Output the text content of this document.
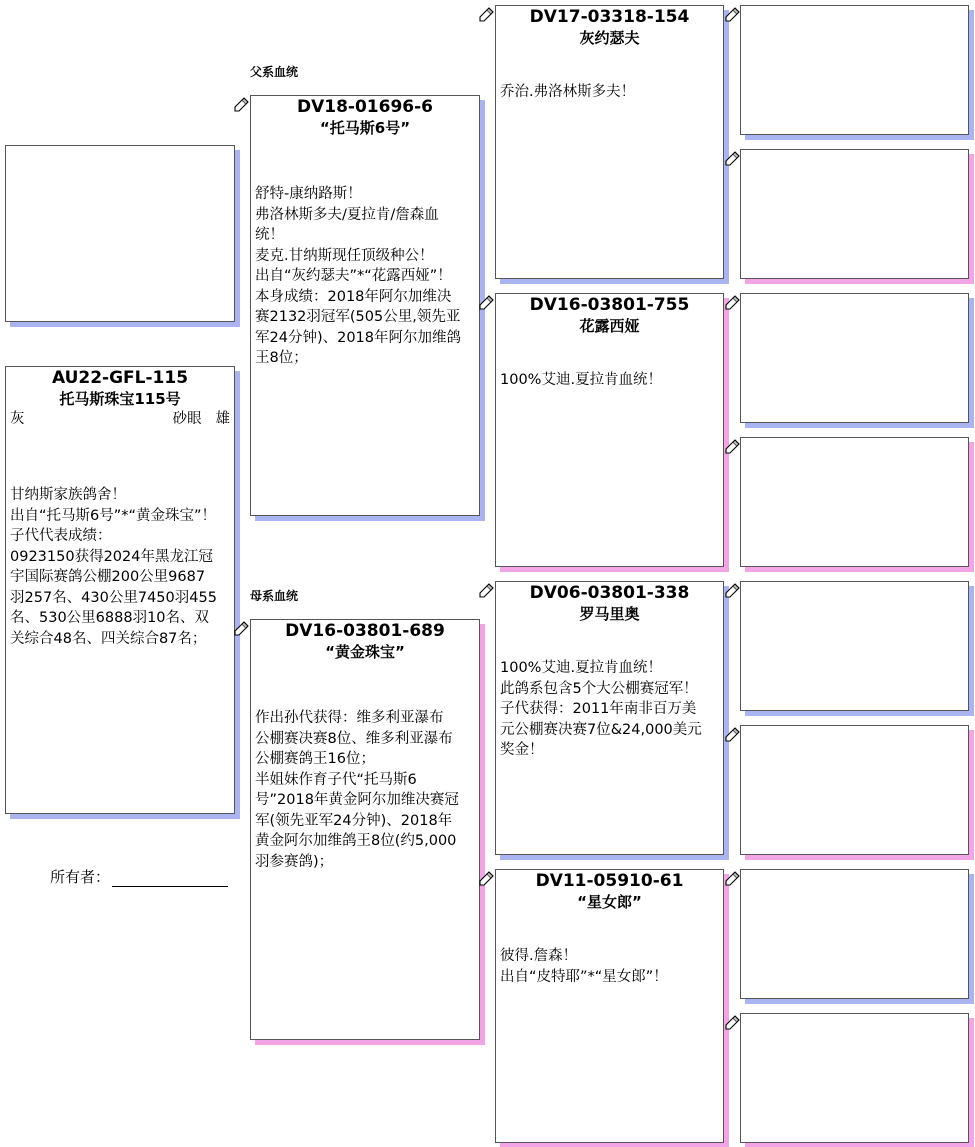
AU22-GFL-115
托马斯珠宝115号
灰	砂眼 雄
甘纳斯家族鸽舍！
出自“托马斯6号”*“黄金珠宝”！
子代代表成绩：
0923150获得2024年黑龙江冠
宇国际赛鸽公棚200公里9687
羽257名、430公里7450羽455
名、530公里6888羽10名、双
关综合48名、四关综合87名；
所有者：
父系血统
母系血统
DV18-01696-6
“托马斯6号”
舒特-康纳路斯！
弗洛林斯多夫/夏拉肯/詹森血
统！
麦克.甘纳斯现任顶级种公！
出自“灰约瑟夫”*“花露西娅”！
本身成绩：2018年阿尔加维决
赛2132羽冠军(505公里,领先亚
军24分钟)、2018年阿尔加维鸽
王8位；
DV16-03801-689
“黄金珠宝”
作出孙代获得：维多利亚瀑布
公棚赛决赛8位、维多利亚瀑布
公棚赛鸽王16位；
半姐妹作育子代“托马斯6
号”2018年黄金阿尔加维决赛冠
军(领先亚军24分钟)、2018年
黄金阿尔加维鸽王8位(约5,000
羽参赛鸽)；
DV17-03318-154
灰约瑟夫
乔治.弗洛林斯多夫！
DV16-03801-755
花露西娅
100%艾迪.夏拉肯血统！
DV06-03801-338
罗马里奥
100%艾迪.夏拉肯血统！
此鸽系包含5个大公棚赛冠军！
子代获得：2011年南非百万美
元公棚赛决赛7位&24,000美元
奖金！
DV11-05910-61
“星女郎”
彼得.詹森！
出自“皮特耶”*“星女郎”！
